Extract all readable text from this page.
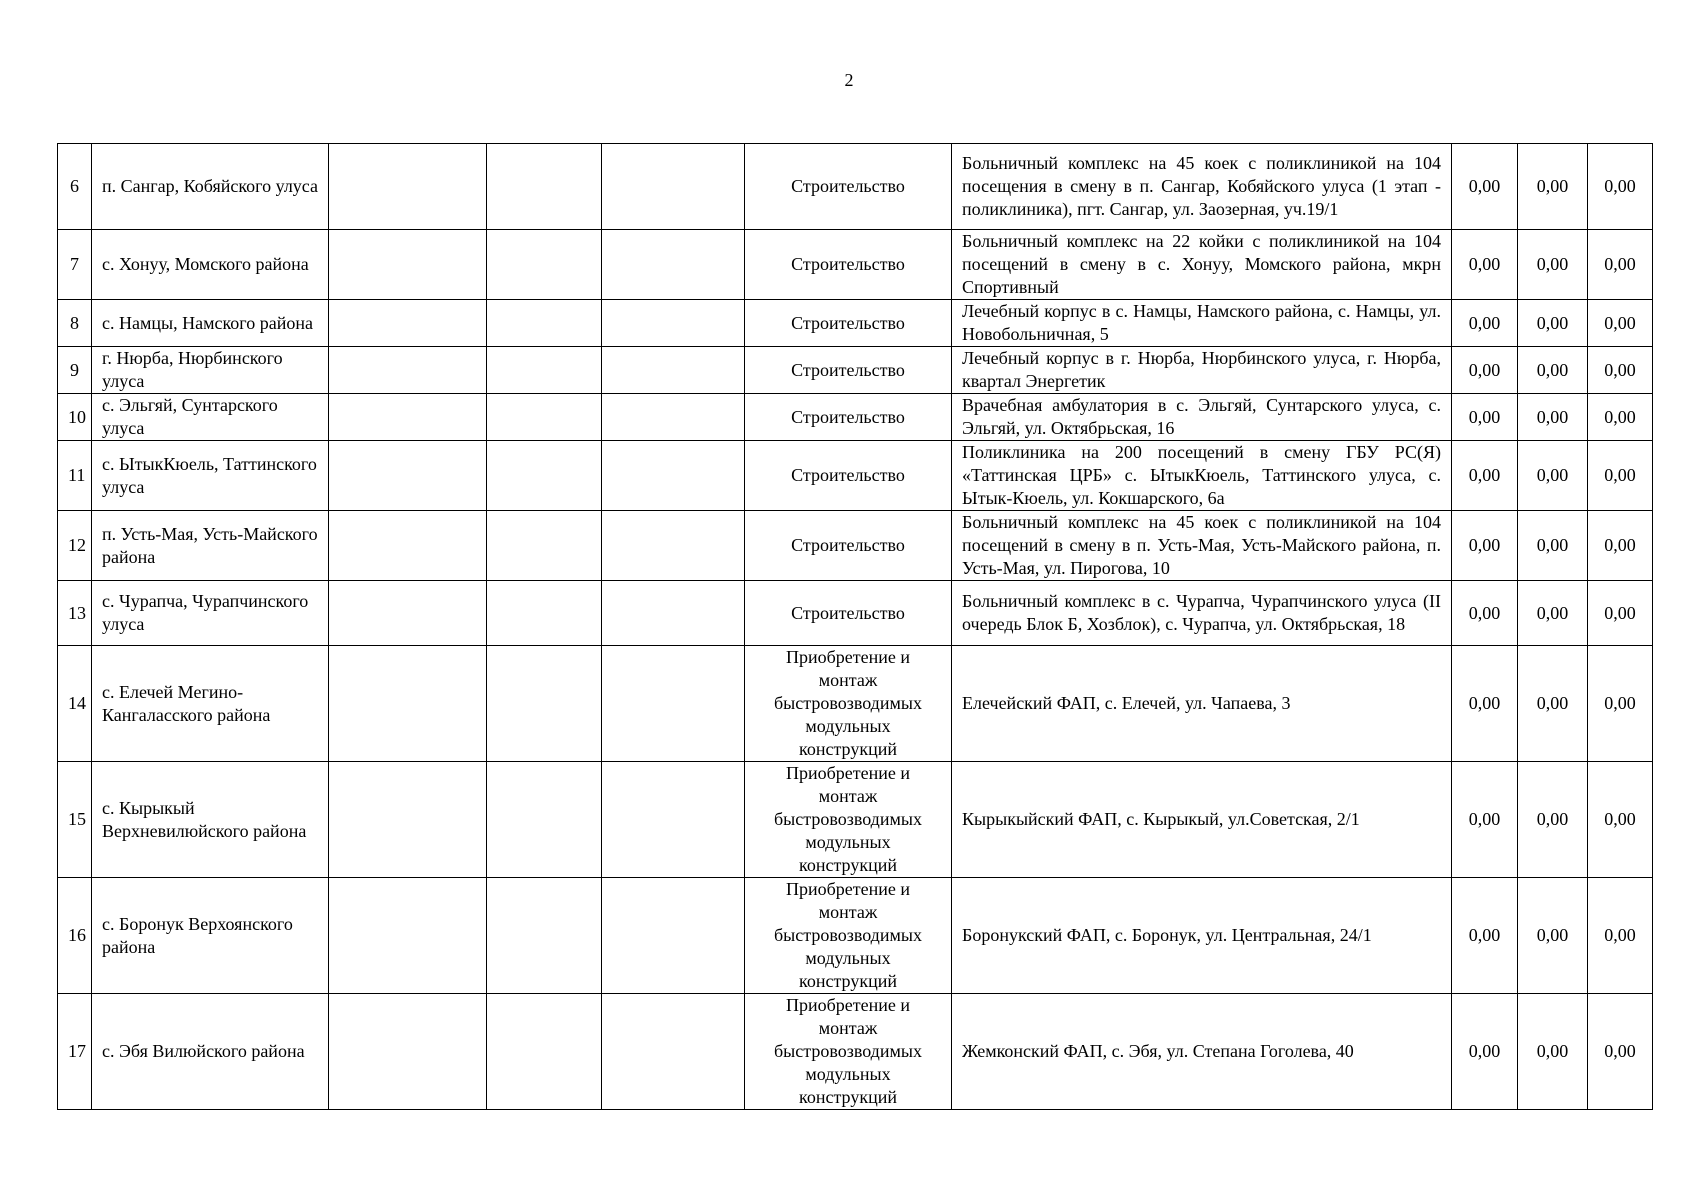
2
6	п. Сангар, Кобяйского улуса				Строительство	Больничный комплекс на 45 коек с поликлиникой на 104 посещения в смену в п. Сангар, Кобяйского улуса (1 этап - поликлиника), пгт. Сангар, ул. Заозерная, уч.19/1	0,00	0,00	0,00
7	с. Хонуу, Момского района				Строительство	Больничный комплекс на 22 койки с поликлиникой на 104 посещений в смену в с. Хонуу, Момского района, мкрн Спортивный	0,00	0,00	0,00
8	с. Намцы, Намского района				Строительство	Лечебный корпус в с. Намцы, Намского района, с. Намцы, ул. Новобольничная, 5	0,00	0,00	0,00
9	г. Нюрба, Нюрбинского улуса				Строительство	Лечебный корпус в г. Нюрба, Нюрбинского улуса, г. Нюрба, квартал Энергетик	0,00	0,00	0,00
10	с. Эльгяй, Сунтарского улуса				Строительство	Врачебная амбулатория в с. Эльгяй, Сунтарского улуса, с. Эльгяй, ул. Октябрьская, 16	0,00	0,00	0,00
11	с. ЫтыкКюель, Таттинского улуса				Строительство	Поликлиника на 200 посещений в смену ГБУ РС(Я) «Таттинская ЦРБ» с. ЫтыкКюель, Таттинского улуса, с. Ытык-Кюель, ул. Кокшарского, 6а	0,00	0,00	0,00
12	п. Усть-Мая, Усть-Майского района				Строительство	Больничный комплекс на 45 коек с поликлиникой на 104 посещений в смену в п. Усть-Мая, Усть-Майского района, п. Усть-Мая, ул. Пирогова, 10	0,00	0,00	0,00
13	с. Чурапча, Чурапчинского улуса				Строительство	Больничный комплекс в с. Чурапча, Чурапчинского улуса (II очередь Блок Б, Хозблок), с. Чурапча, ул. Октябрьская, 18	0,00	0,00	0,00
14	с. Елечей Мегино-Кангаласского района				Приобретение и монтаж быстровозводимых модульных конструкций	Елечейский ФАП, с. Елечей, ул. Чапаева, 3	0,00	0,00	0,00
15	с. Кырыкый Верхневилюйского района				Приобретение и монтаж быстровозводимых модульных конструкций	Кырыкыйский ФАП, с. Кырыкый, ул.Советская, 2/1	0,00	0,00	0,00
16	с. Боронук Верхоянского района				Приобретение и монтаж быстровозводимых модульных конструкций	Боронукский ФАП, с. Боронук, ул. Центральная, 24/1	0,00	0,00	0,00
17	с. Эбя Вилюйского района				Приобретение и монтаж быстровозводимых модульных конструкций	Жемконский ФАП, с. Эбя, ул. Степана Гоголева, 40	0,00	0,00	0,00
